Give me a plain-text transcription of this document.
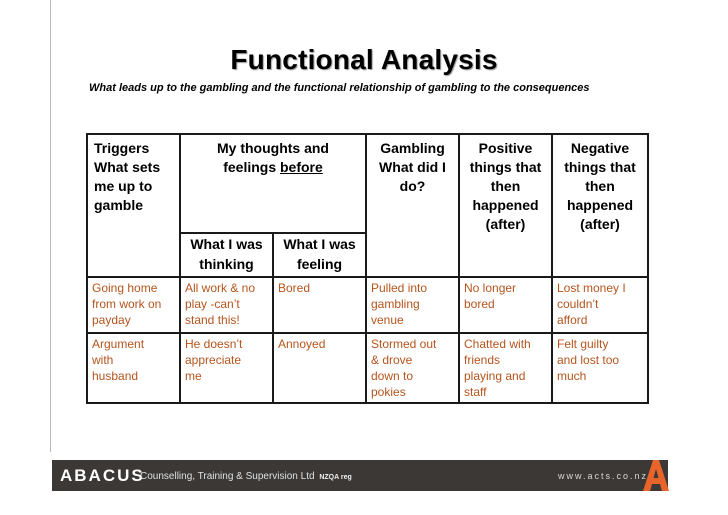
Functional Analysis
What leads up to the gambling and the functional relationship of gambling to the consequences
Triggers
What sets
me up to
gamble	My thoughts and
feelings before		Gambling
What did I
do?	Positive
things that
then
happened
(after)	Negative
things that
then
happened
(after)

	What I was
thinking	What I was
feeling			

Going home
from work on
payday	All work & no
play -can’t
stand this!	Bored	Pulled into
gambling
venue	No longer
bored	Lost money I
couldn’t
afford

Argument
with
husband	He doesn’t
appreciate
me	Annoyed	Stormed out
& drove
down to
pokies	Chatted with
friends
playing and
staff	Felt guilty
and lost too
much
ABACUS
Counselling, Training & Supervision Ltd NZQA reg	www.acts.co.nz
